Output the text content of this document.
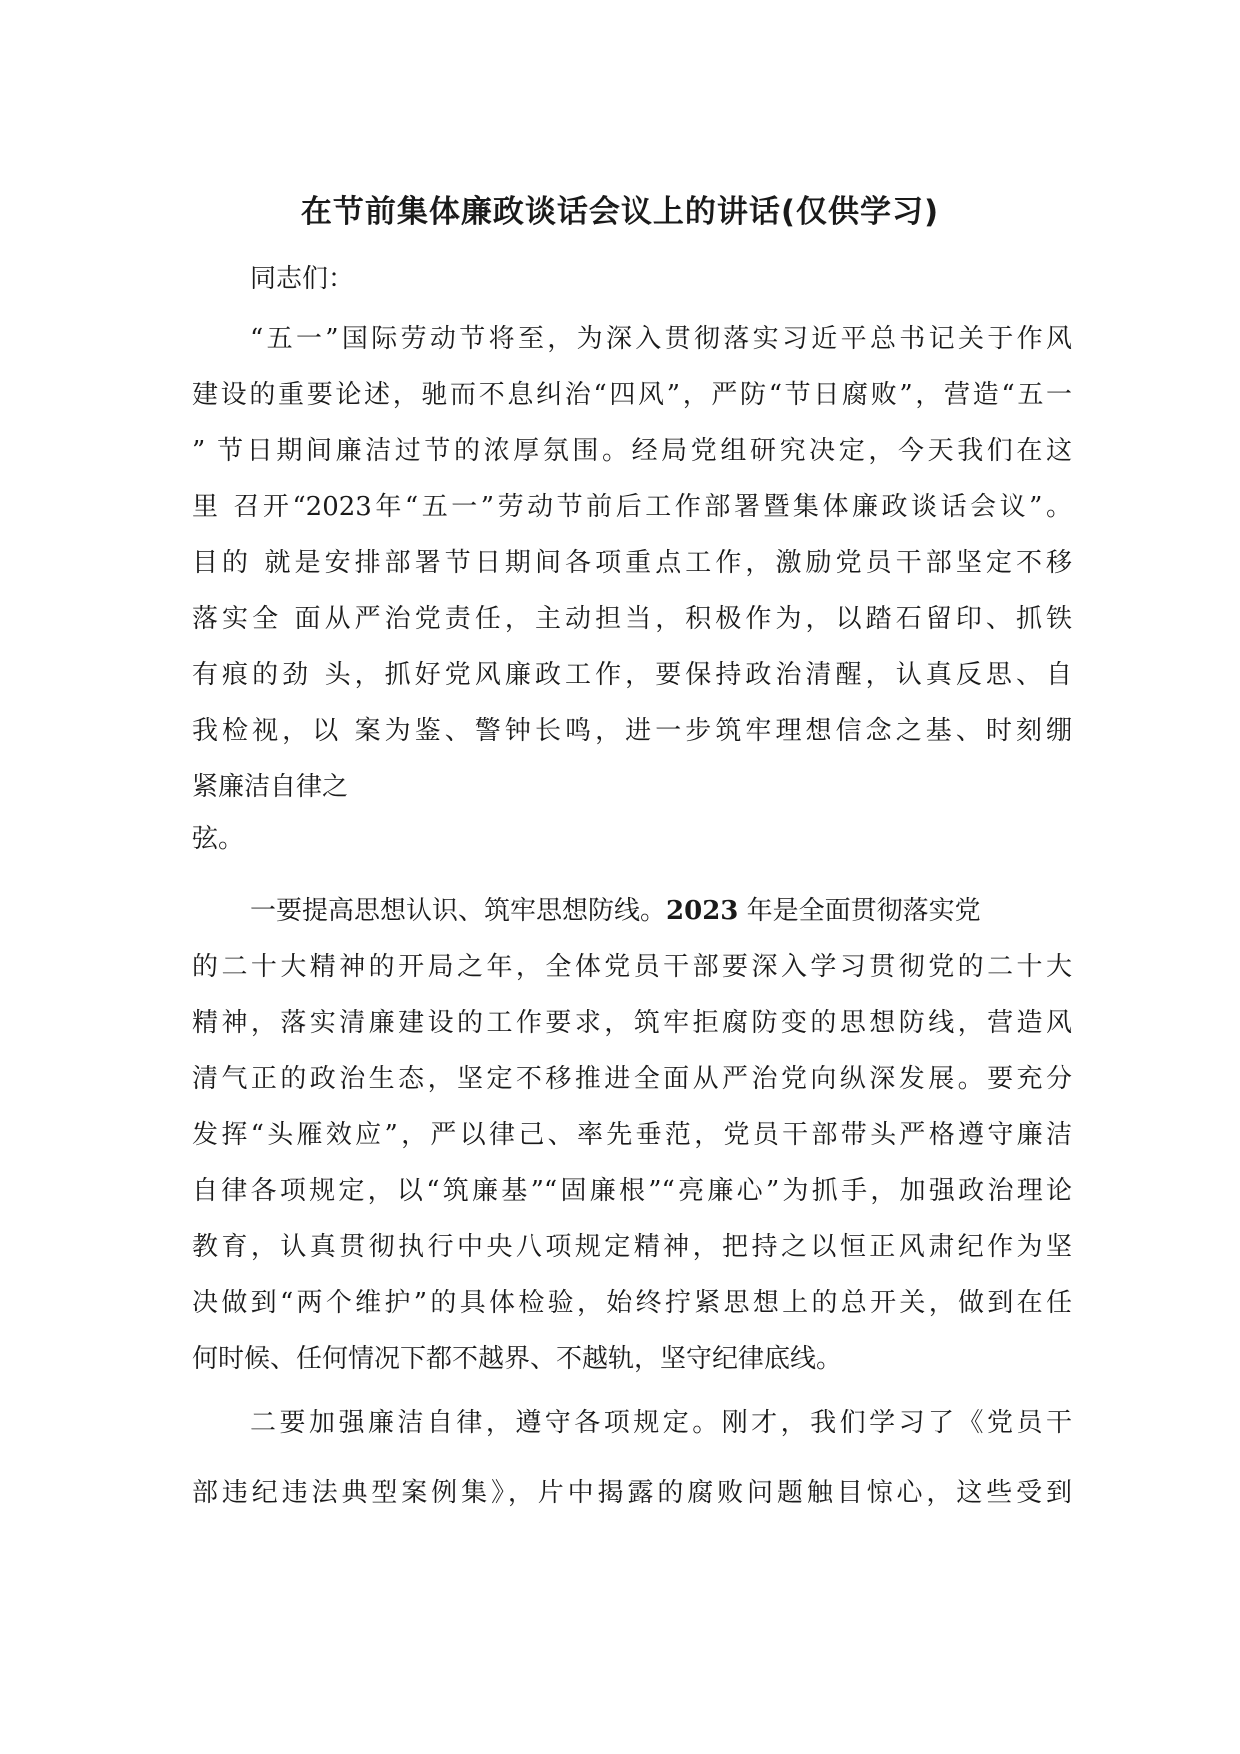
在节前集体廉政谈话会议上的讲话(仅供学习)
同志们：
“五一”国际劳动节将至，为深入贯彻落实习近平总书记关于作风
建设的重要论述，驰而不息纠治“四风”，严防“节日腐败”，营造“五一
” 节日期间廉洁过节的浓厚氛围。经局党组研究决定，今天我们在这
里 召开“2023年“五一”劳动节前后工作部署暨集体廉政谈话会议”。
目的 就是安排部署节日期间各项重点工作，激励党员干部坚定不移
落实全 面从严治党责任，主动担当，积极作为，以踏石留印、抓铁
有痕的劲 头，抓好党风廉政工作，要保持政治清醒，认真反思、自
我检视，以 案为鉴、警钟长鸣，进一步筑牢理想信念之基、时刻绷
紧廉洁自律之
弦。
一要提高思想认识、筑牢思想防线。2023 年是全面贯彻落实党
的二十大精神的开局之年，全体党员干部要深入学习贯彻党的二十大
精神，落实清廉建设的工作要求，筑牢拒腐防变的思想防线，营造风
清气正的政治生态，坚定不移推进全面从严治党向纵深发展。要充分
发挥“头雁效应”，严以律己、率先垂范，党员干部带头严格遵守廉洁
自律各项规定，以“筑廉基”“固廉根”“亮廉心”为抓手，加强政治理论
教育，认真贯彻执行中央八项规定精神，把持之以恒正风肃纪作为坚
决做到“两个维护”的具体检验，始终拧紧思想上的总开关，做到在任
何时候、任何情况下都不越界、不越轨，坚守纪律底线。
二要加强廉洁自律，遵守各项规定。刚才，我们学习了《党员干
部违纪违法典型案例集》，片中揭露的腐败问题触目惊心，这些受到
